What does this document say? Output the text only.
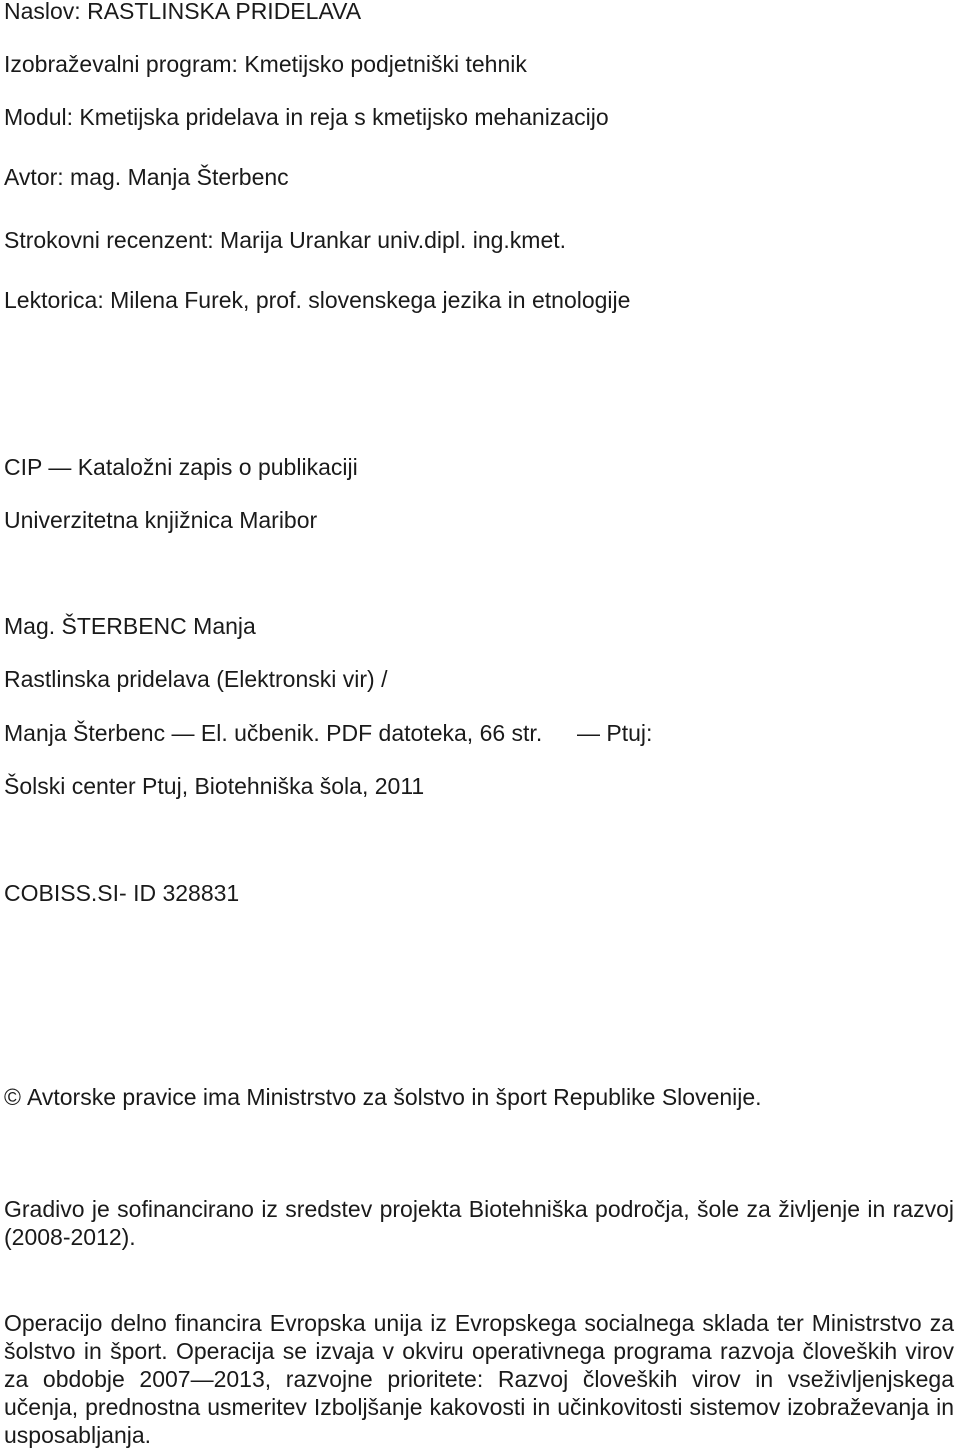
Naslov: RASTLINSKA PRIDELAVA
Izobraževalni program: Kmetijsko podjetniški tehnik
Modul: Kmetijska pridelava in reja s kmetijsko mehanizacijo
Avtor: mag. Manja Šterbenc
Strokovni recenzent: Marija Urankar univ.dipl. ing.kmet.
Lektorica: Milena Furek, prof. slovenskega jezika in etnologije
CIP — Kataložni zapis o publikaciji
Univerzitetna knjižnica Maribor
Mag. ŠTERBENC Manja
Rastlinska pridelava (Elektronski vir) /
Manja Šterbenc — El. učbenik. PDF datoteka, 66 str. — Ptuj:
Šolski center Ptuj, Biotehniška šola, 2011
COBISS.SI- ID 328831
© Avtorske pravice ima Ministrstvo za šolstvo in šport Republike Slovenije.
Gradivo je sofinancirano iz sredstev projekta Biotehniška področja, šole za življenje in razvoj (2008-2012).
Operacijo delno financira Evropska unija iz Evropskega socialnega sklada ter Ministrstvo za šolstvo in šport. Operacija se izvaja v okviru operativnega programa razvoja človeških virov za obdobje 2007—2013, razvojne prioritete: Razvoj človeških virov in vseživljenjskega učenja, prednostna usmeritev Izboljšanje kakovosti in učinkovitosti sistemov izobraževanja in usposabljanja.
